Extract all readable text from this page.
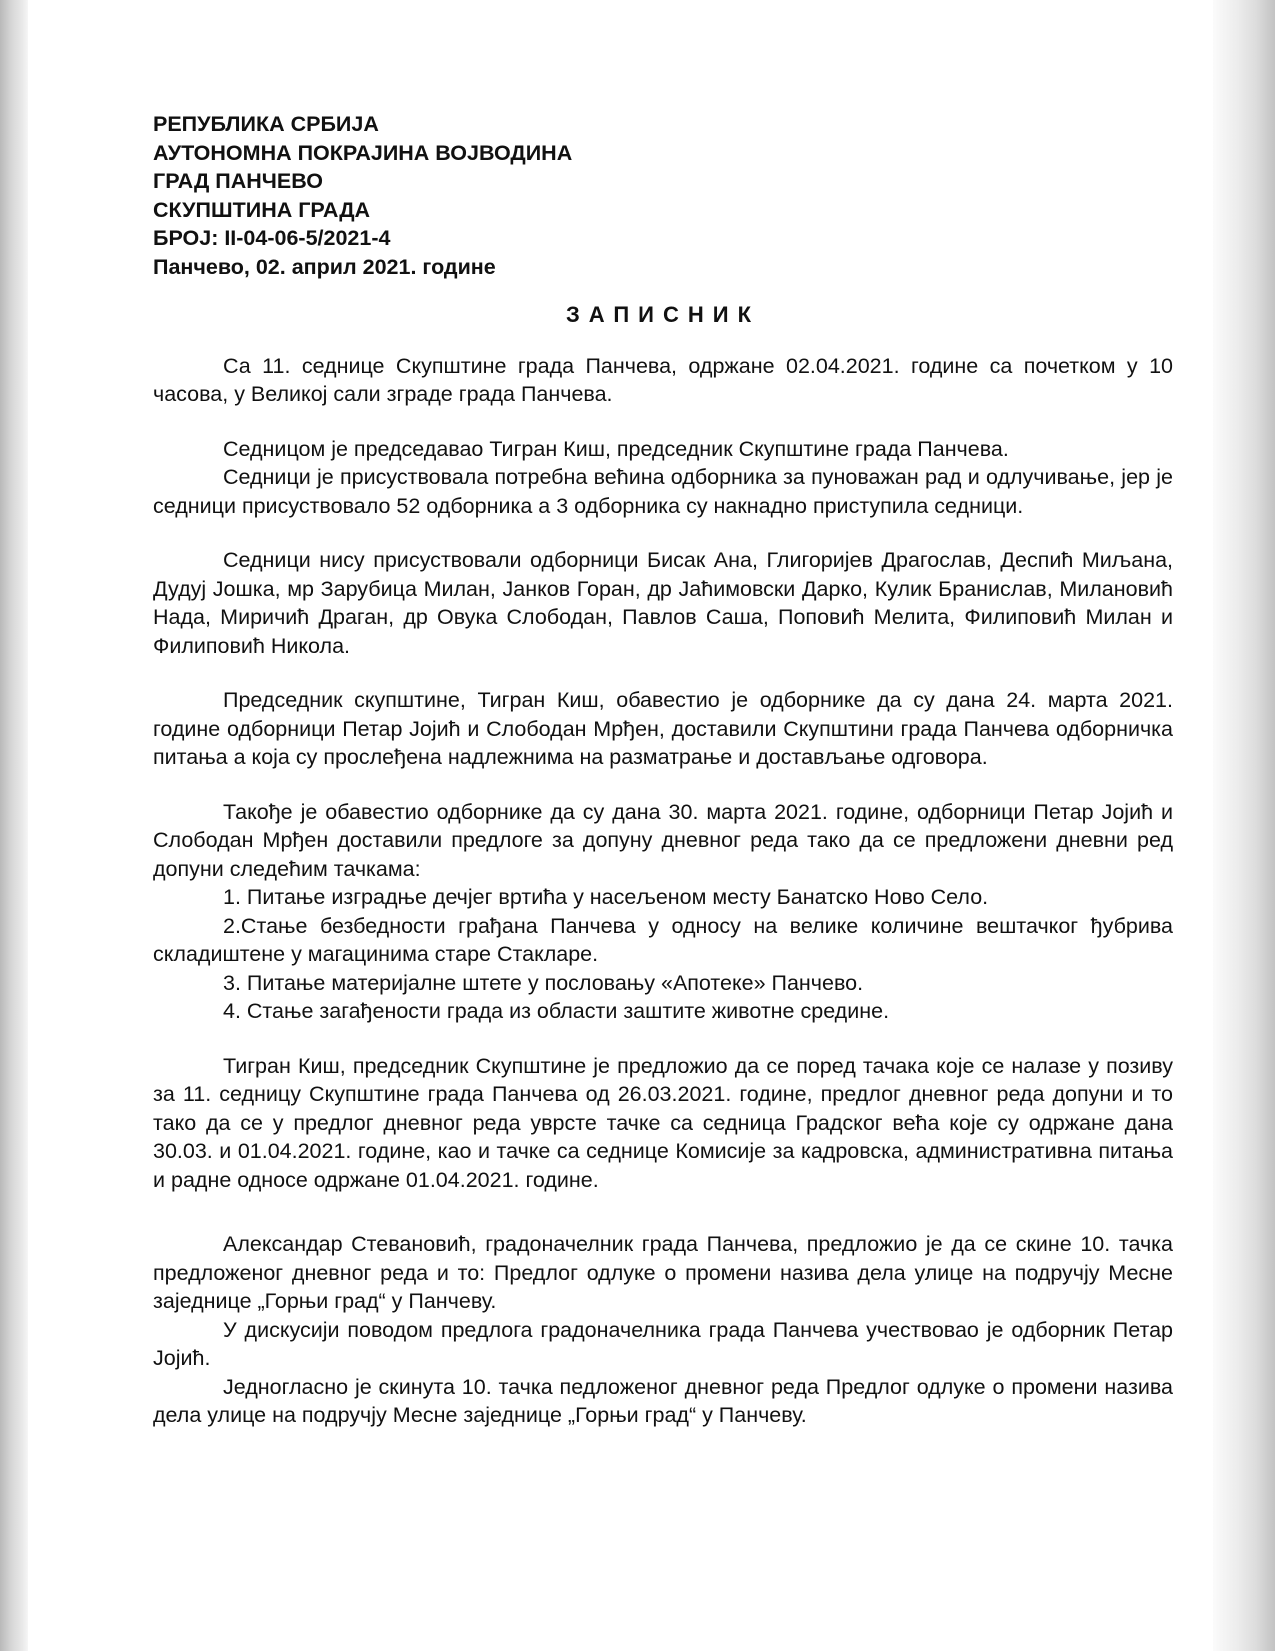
РЕПУБЛИКА СРБИЈА
АУТОНОМНА ПОКРАЈИНА ВОЈВОДИНА
ГРАД ПАНЧЕВО
СКУПШТИНА ГРАДА
БРОЈ: II-04-06-5/2021-4
Панчево, 02. април 2021. године
ЗАПИСНИК

Са 11. седнице Скупштине града Панчева, одржане 02.04.2021. године са почетком у 10 часова, у Великој сали зграде града Панчева.

Седницом је председавао Тигран Киш, председник Скупштине града Панчева.

Седници је присуствовала потребна већина одборника за пуноважан рад и одлучивање, јер је седници присуствовало 52 одборника а 3 одборника су накнадно приступила седници.

Седници нису присуствовали одборници Бисак Ана, Глигоријев Драгослав, Деспић Миљана, Дудуј Јошка, мр Зарубица Милан, Јанков Горан, др Јаћимовски Дарко, Кулик Бранислав, Милановић Нада, Миричић Драган, др Овука Слободан, Павлов Саша, Поповић Мелита, Филиповић Милан и Филиповић Никола.

Председник скупштине, Тигран Киш, обавестио је одборнике да су дана 24. марта 2021. године одборници Петар Јојић и Слободан Мрђен, доставили Скупштини града Панчева одборничка питања а која су прослеђена надлежнима на разматрање и достављање одговора.

Такође је обавестио одборнике да су дана 30. марта 2021. године, одборници Петар Јојић и Слободан Мрђен доставили предлоге за допуну дневног реда тако да се предложени дневни ред допуни следећим тачкама:

1. Питање изградње дечјег вртића у насељеном месту Банатско Ново Село.

2.Стање безбедности грађана Панчева у односу на велике количине вештачког ђубрива складиштене у магацинима старе Стакларе.

3. Питање материјалне штете у пословању «Апотеке» Панчево.

4. Стање загађености града из области заштите животне средине.

Тигран Киш, председник Скупштине је предложио да се поред тачака које се налазе у позиву за 11. седницу Скупштине града Панчева од 26.03.2021. године, предлог дневног реда допуни и то тако да се у предлог дневног реда уврсте тачке са седница Градског већа које су одржане дана 30.03. и 01.04.2021. године, као и тачке са седнице Комисије за кадровска, административна питања и радне односе одржане 01.04.2021. године.

Александар Стевановић, градоначелник града Панчева, предложио је да се скине 10. тачка предложеног дневног реда и то: Предлог одлуке о промени назива дела улице на подручју Месне заједнице „Горњи град“ у Панчеву.

У дискусији поводом предлога градоначелника града Панчева учествовао је одборник Петар Јојић.

Једногласно је скинута 10. тачка педложеног дневног реда Предлог одлуке о промени назива дела улице на подручју Месне заједнице „Горњи град“ у Панчеву.
